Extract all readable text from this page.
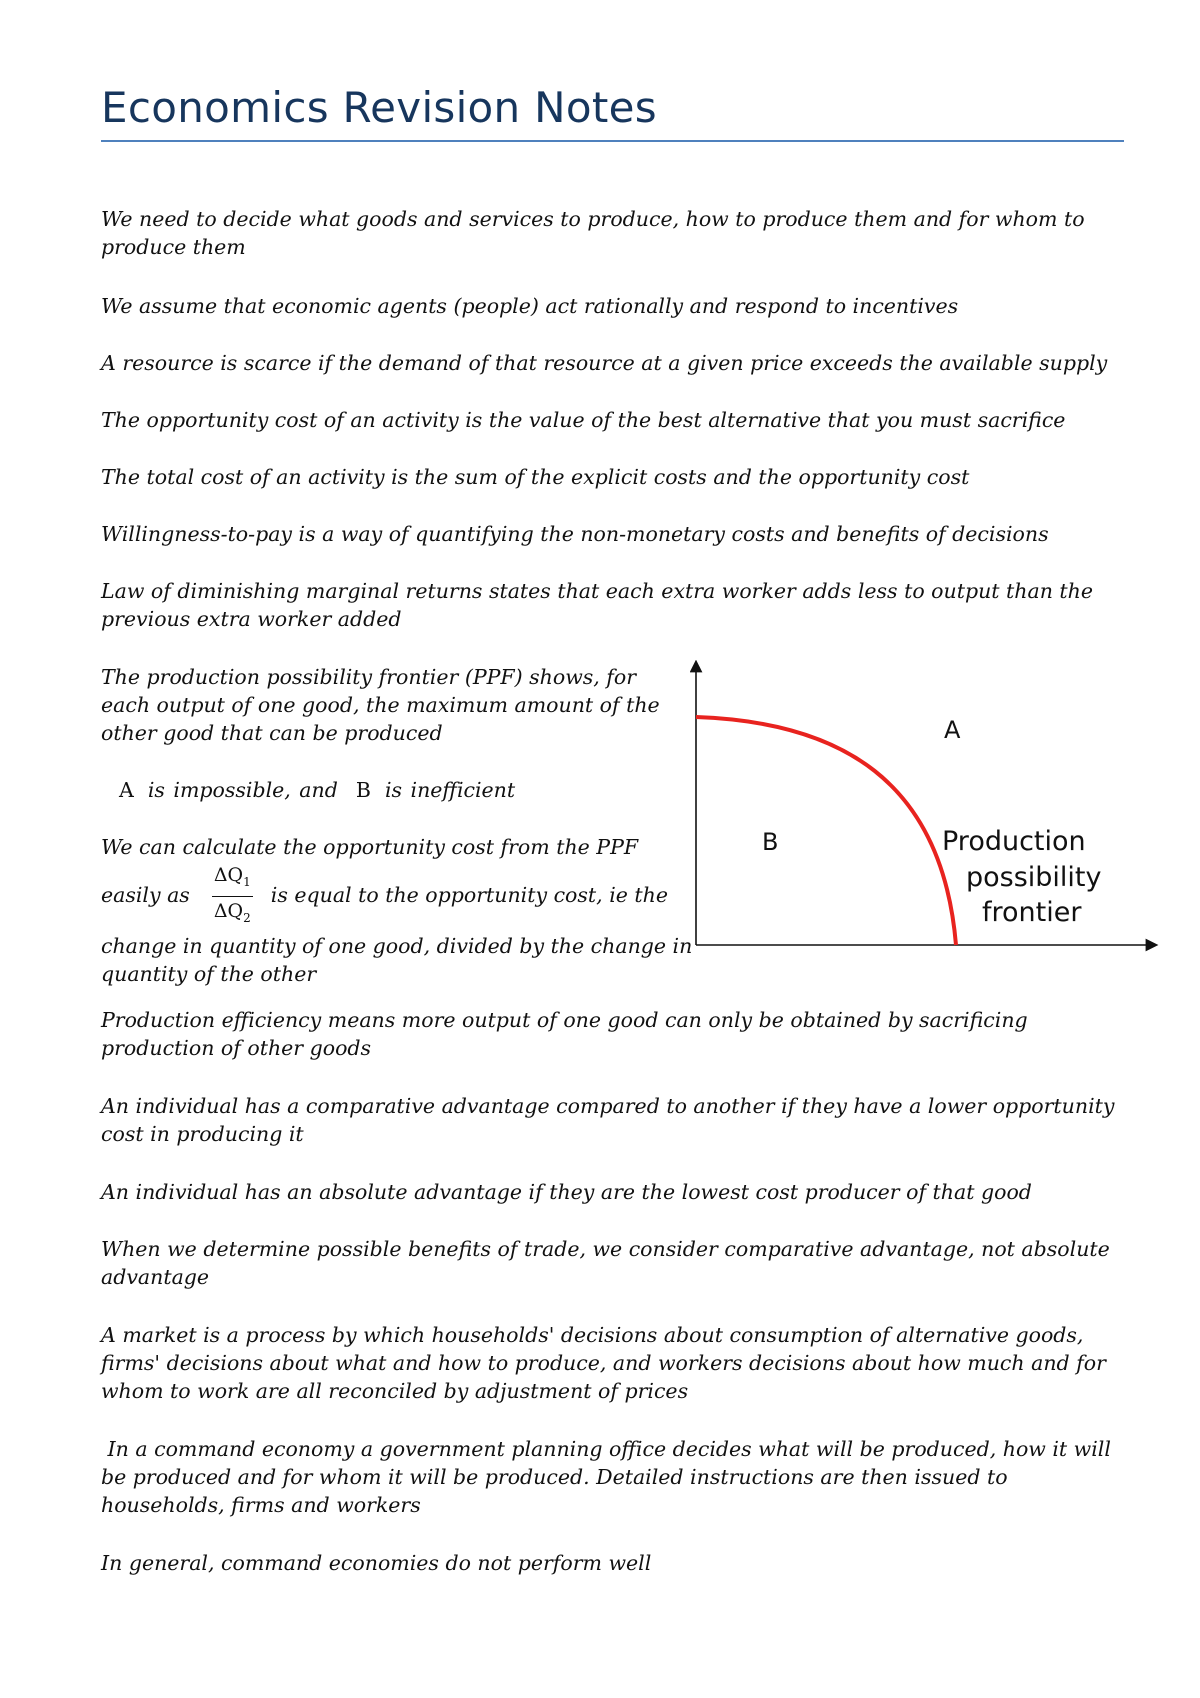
Economics Revision Notes

We need to decide what goods and services to produce, how to produce them and for whom to produce them

We assume that economic agents (people) act rationally and respond to incentives

A resource is scarce if the demand of that resource at a given price exceeds the available supply

The opportunity cost of an activity is the value of the best alternative that you must sacrifice

The total cost of an activity is the sum of the explicit costs and the opportunity cost

Willingness-to-pay is a way of quantifying the non-monetary costs and benefits of decisions

Law of diminishing marginal returns states that each extra worker adds less to output than the previous extra worker added

The production possibility frontier (PPF) shows, for each output of one good, the maximum amount of the other good that can be produced

A is impossible, and B is inefficient

We can calculate the opportunity cost from the PPF
easily as $\frac{\Delta Q_1}{\Delta Q_2}$ is equal to the opportunity cost, ie the
change in quantity of one good, divided by the change in quantity of the other
A
B	Production
possibility
frontier

Production efficiency means more output of one good can only be obtained by sacrificing production of other goods

An individual has a comparative advantage compared to another if they have a lower opportunity cost in producing it

An individual has an absolute advantage if they are the lowest cost producer of that good

When we determine possible benefits of trade, we consider comparative advantage, not absolute advantage

A market is a process by which households' decisions about consumption of alternative goods, firms' decisions about what and how to produce, and workers decisions about how much and for whom to work are all reconciled by adjustment of prices

In a command economy a government planning office decides what will be produced, how it will be produced and for whom it will be produced. Detailed instructions are then issued to households, firms and workers

In general, command economies do not perform well
